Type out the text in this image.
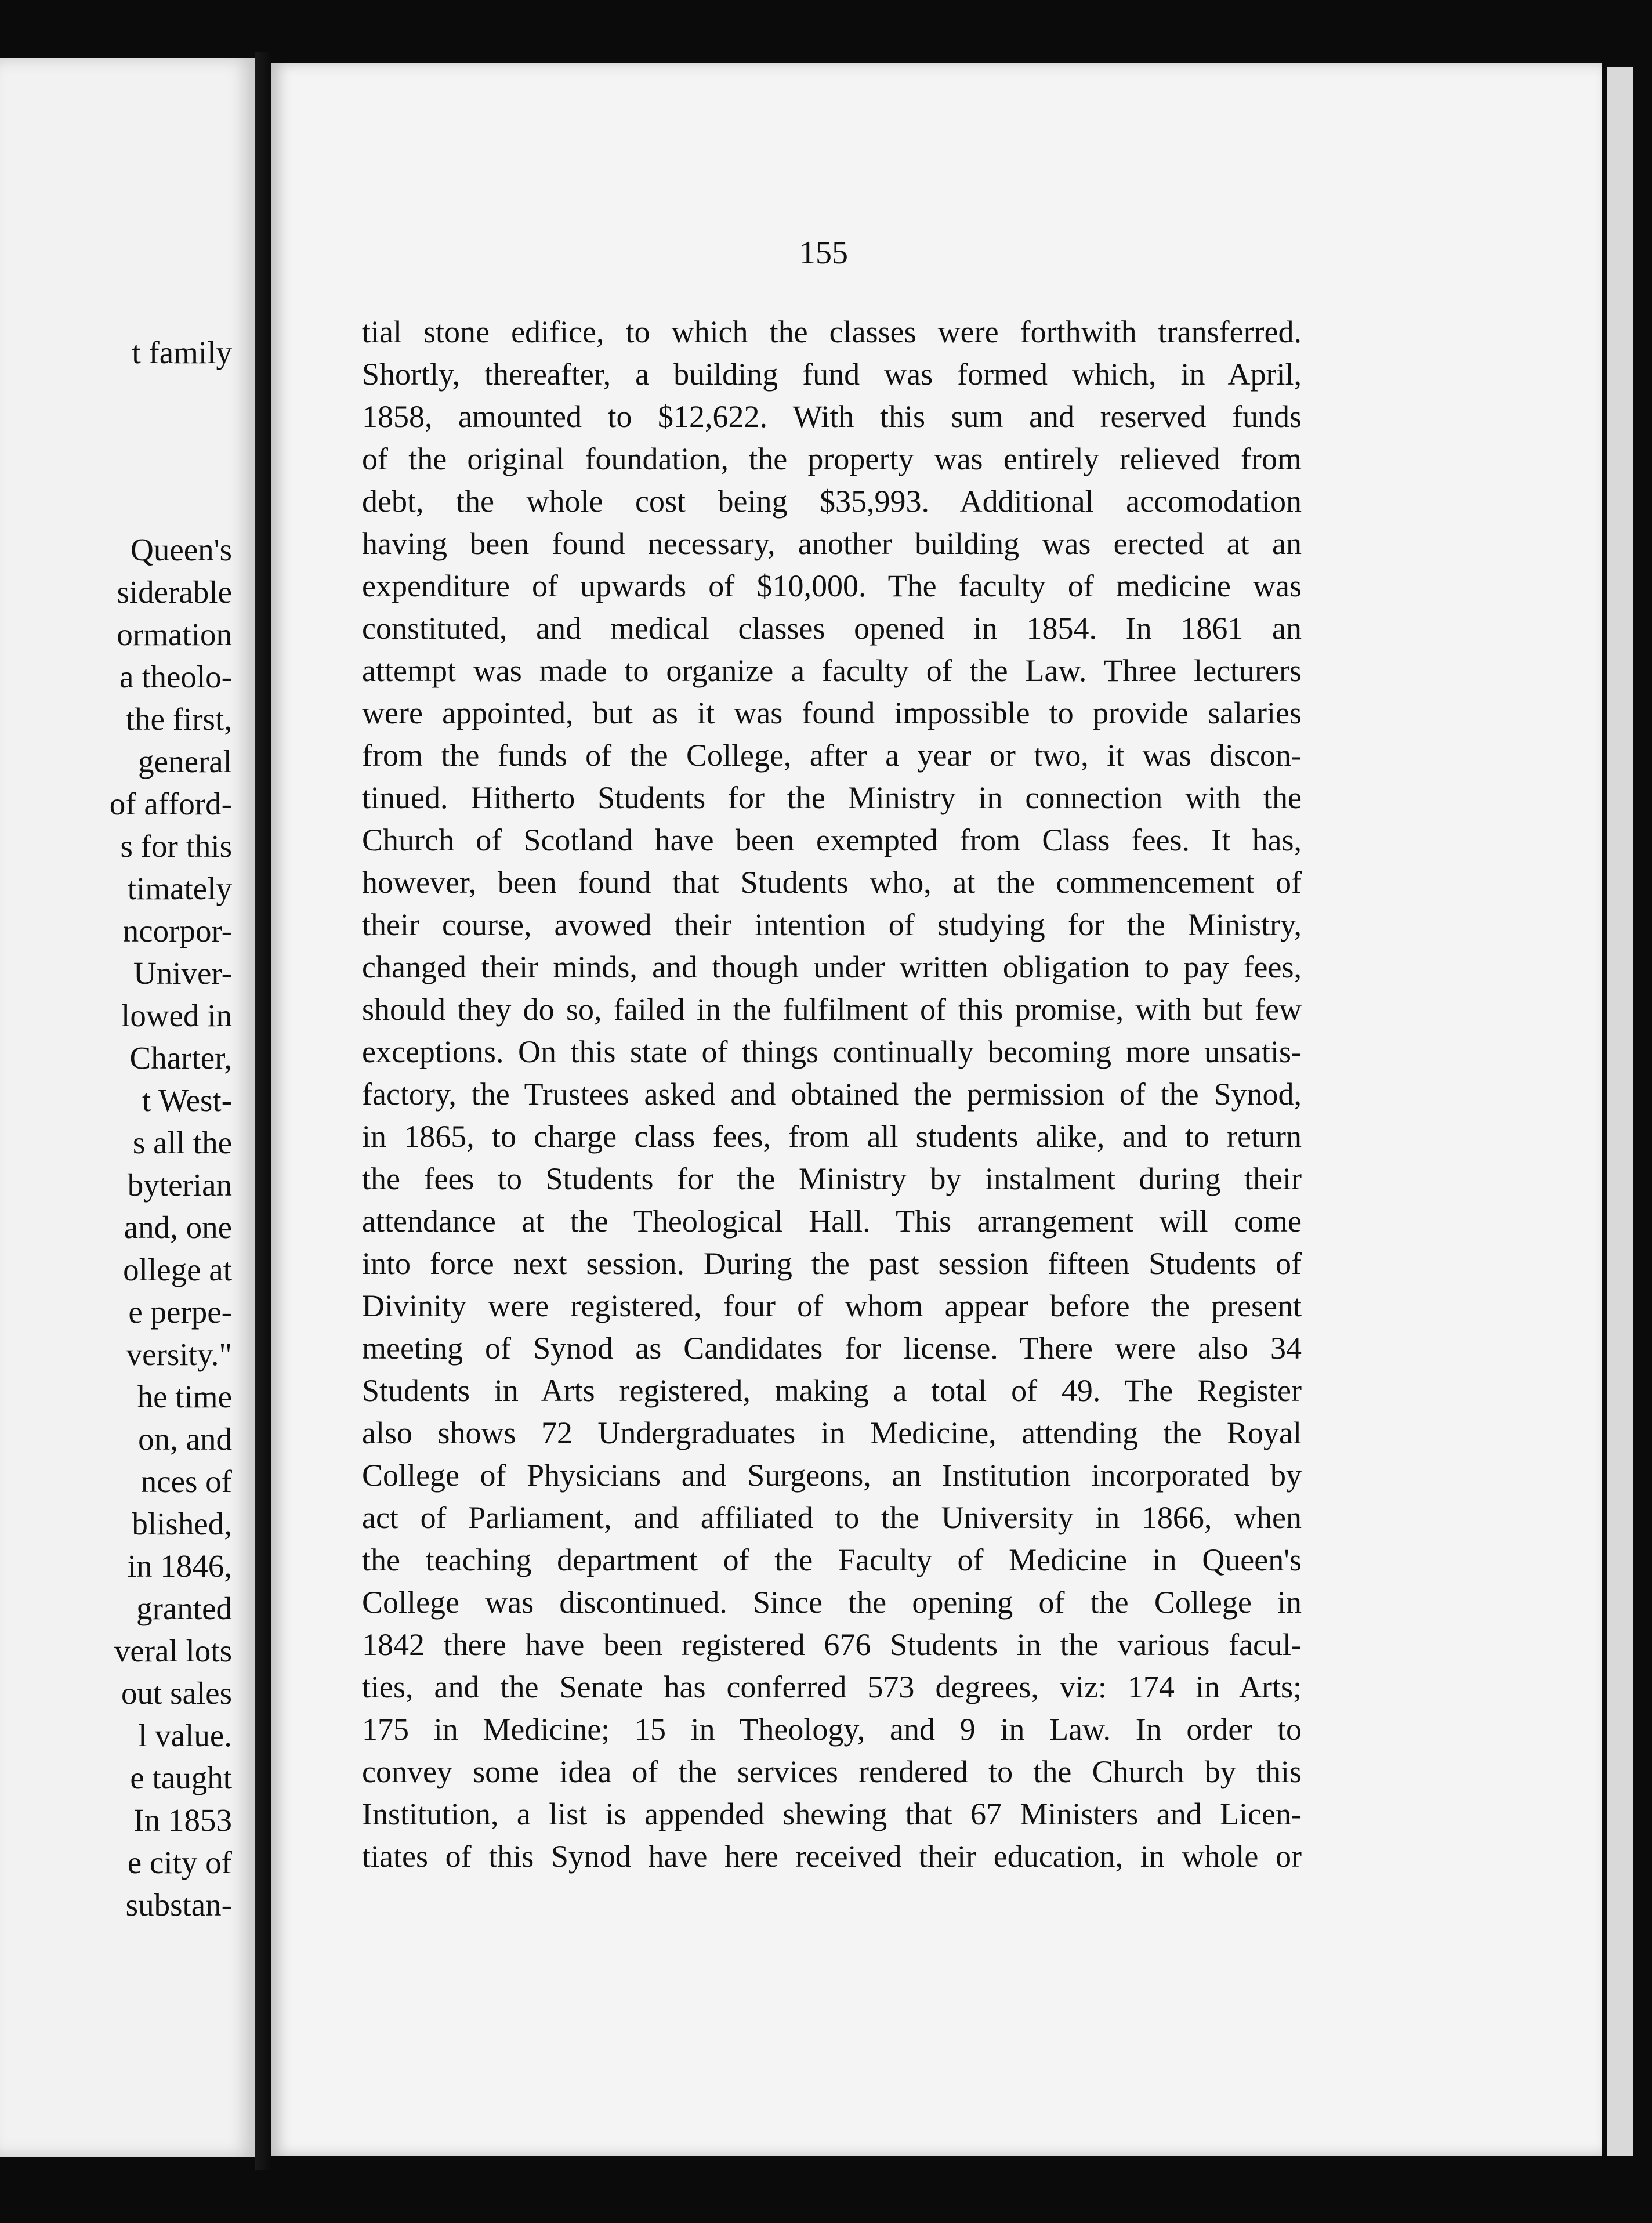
t family
Queen's
siderable
ormation
a theolo-
the first,
general
of afford-
s for this
timately
ncorpor-
Univer-
lowed in
Charter,
t West-
s all the
byterian
and, one
ollege at
e perpe-
versity."
he time
on, and
nces of
blished,
in 1846,
granted
veral lots
out sales
l value.
e taught
In 1853
e city of
substan-
155
tial stone edifice, to which the classes were forthwith transferred.
Shortly, thereafter, a building fund was formed which, in April,
1858, amounted to $12,622. With this sum and reserved funds
of the original foundation, the property was entirely relieved from
debt, the whole cost being $35,993. Additional accomodation
having been found necessary, another building was erected at an
expenditure of upwards of $10,000. The faculty of medicine was
constituted, and medical classes opened in 1854. In 1861 an
attempt was made to organize a faculty of the Law. Three lecturers
were appointed, but as it was found impossible to provide salaries
from the funds of the College, after a year or two, it was discon-
tinued. Hitherto Students for the Ministry in connection with the
Church of Scotland have been exempted from Class fees. It has,
however, been found that Students who, at the commencement of
their course, avowed their intention of studying for the Ministry,
changed their minds, and though under written obligation to pay fees,
should they do so, failed in the fulfilment of this promise, with but few
exceptions. On this state of things continually becoming more unsatis-
factory, the Trustees asked and obtained the permission of the Synod,
in 1865, to charge class fees, from all students alike, and to return
the fees to Students for the Ministry by instalment during their
attendance at the Theological Hall. This arrangement will come
into force next session. During the past session fifteen Students of
Divinity were registered, four of whom appear before the present
meeting of Synod as Candidates for license. There were also 34
Students in Arts registered, making a total of 49. The Register
also shows 72 Undergraduates in Medicine, attending the Royal
College of Physicians and Surgeons, an Institution incorporated by
act of Parliament, and affiliated to the University in 1866, when
the teaching department of the Faculty of Medicine in Queen's
College was discontinued. Since the opening of the College in
1842 there have been registered 676 Students in the various facul-
ties, and the Senate has conferred 573 degrees, viz: 174 in Arts;
175 in Medicine; 15 in Theology, and 9 in Law. In order to
convey some idea of the services rendered to the Church by this
Institution, a list is appended shewing that 67 Ministers and Licen-
tiates of this Synod have here received their education, in whole or
